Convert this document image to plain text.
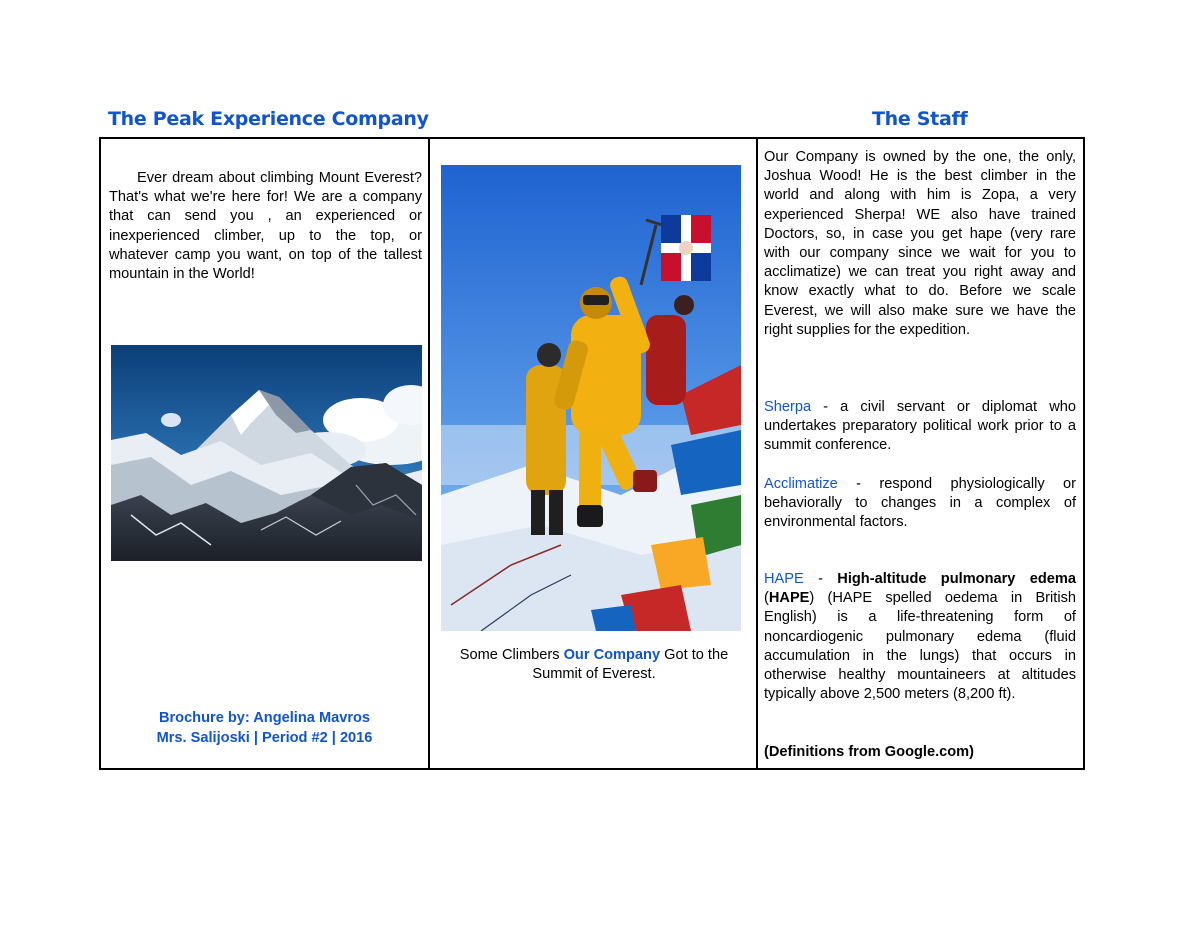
The Peak Experience Company	The Staff

Ever dream about climbing Mount Everest? That's what we're here for! We are a company that can send you , an experienced or inexperienced climber, up to the top, or whatever camp you want, on top of the tallest mountain in the World!

Brochure by: Angelina Mavros
Mrs. Salijoski | Period #2 | 2016
Some Climbers Our Company Got to the Summit of Everest.

Our Company is owned by the one, the only, Joshua Wood! He is the best climber in the world and along with him is Zopa, a very experienced Sherpa! WE also have trained Doctors, so, in case you get hape (very rare with our company since we wait for you to acclimatize) we can treat you right away and know exactly what to do. Before we scale Everest, we will also make sure we have the right supplies for the expedition.

Sherpa - a civil servant or diplomat who undertakes preparatory political work prior to a summit conference.

Acclimatize - respond physiologically or behaviorally to changes in a complex of environmental factors.

HAPE - High-altitude pulmonary edema (HAPE) (HAPE spelled oedema in British English) is a life-threatening form of noncardiogenic pulmonary edema (fluid accumulation in the lungs) that occurs in otherwise healthy mountaineers at altitudes typically above 2,500 meters (8,200 ft).

(Definitions from Google.com)
